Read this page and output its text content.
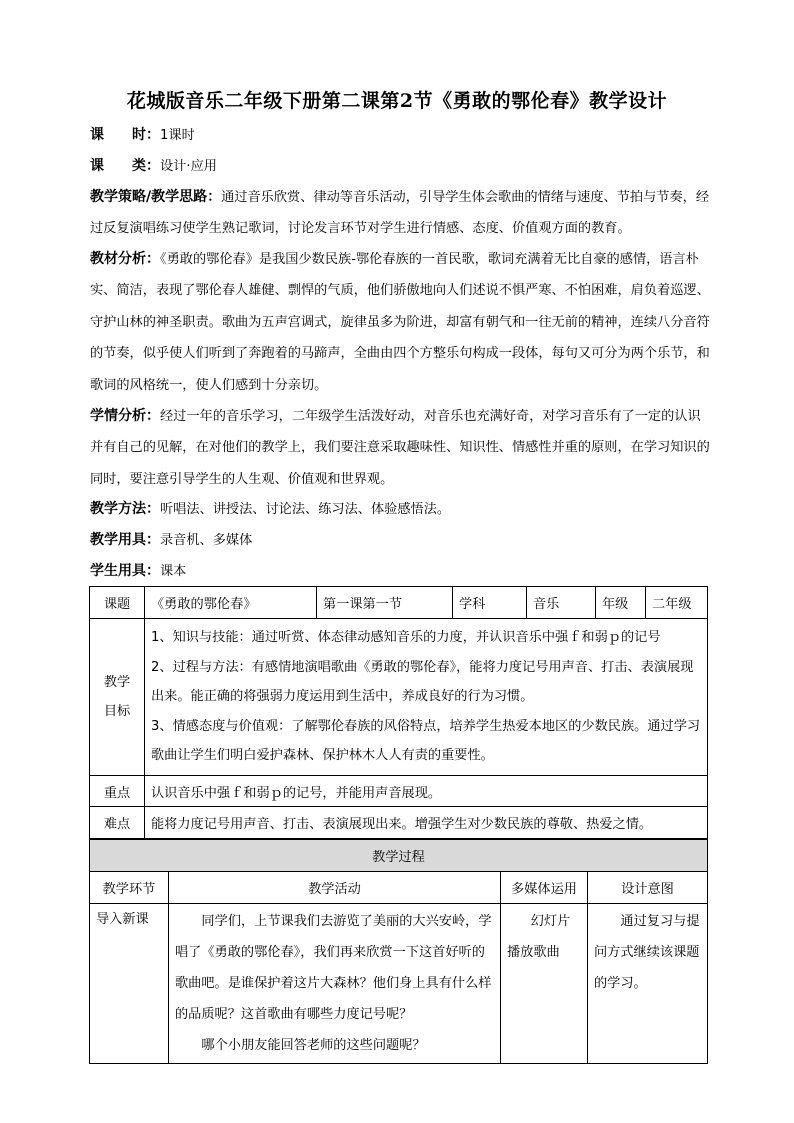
花城版音乐二年级下册第二课第2节《勇敢的鄂伦春》教学设计

课　　时：1课时

课　　类：设计·应用

教学策略/教学思路：通过音乐欣赏、律动等音乐活动，引导学生体会歌曲的情绪与速度、节拍与节奏，经过反复演唱练习使学生熟记歌词，讨论发言环节对学生进行情感、态度、价值观方面的教育。

教材分析：《勇敢的鄂伦春》是我国少数民族-鄂伦春族的一首民歌，歌词充满着无比自豪的感情，语言朴实、简洁，表现了鄂伦春人雄健、剽悍的气质，他们骄傲地向人们述说不惧严寒、不怕困难，肩负着巡逻、守护山林的神圣职责。歌曲为五声宫调式，旋律虽多为阶进，却富有朝气和一往无前的精神，连续八分音符的节奏，似乎使人们听到了奔跑着的马蹄声，全曲由四个方整乐句构成一段体，每句又可分为两个乐节，和歌词的风格统一，使人们感到十分亲切。

学情分析：经过一年的音乐学习，二年级学生活泼好动，对音乐也充满好奇，对学习音乐有了一定的认识并有自己的见解，在对他们的教学上，我们要注意采取趣味性、知识性、情感性并重的原则，在学习知识的同时，要注意引导学生的人生观、价值观和世界观。

教学方法：听唱法、讲授法、讨论法、练习法、体验感悟法。

教学用具：录音机、多媒体

学生用具：课本

课题	《勇敢的鄂伦春》	第一课第一节	学科	音乐	年级	二年级
教学目标	1、知识与技能：通过听赏、体态律动感知音乐的力度，并认识音乐中强ｆ和弱ｐ的记号
2、过程与方法：有感情地演唱歌曲《勇敢的鄂伦春》，能将力度记号用声音、打击、表演展现出来。能正确的将强弱力度运用到生活中，养成良好的行为习惯。
3、情感态度与价值观：了解鄂伦春族的风俗特点，培养学生热爱本地区的少数民族。通过学习歌曲让学生们明白爱护森林、保护林木人人有责的重要性。					

重点	认识音乐中强ｆ和弱ｐ的记号，并能用声音展现。					
难点	能将力度记号用声音、打击、表演展现出来。增强学生对少数民族的尊敬、热爱之情。					
教学过程			
教学环节	教学活动	多媒体运用	设计意图
导入新课	同学们，上节课我们去游览了美丽的大兴安岭，学唱了《勇敢的鄂伦春》，我们再来欣赏一下这首好听的歌曲吧。是谁保护着这片大森林？他们身上具有什么样的品质呢？这首歌曲有哪些力度记号呢？
哪个小朋友能回答老师的这些问题呢？	幻灯片播放歌曲	通过复习与提问方式继续该课题的学习。
